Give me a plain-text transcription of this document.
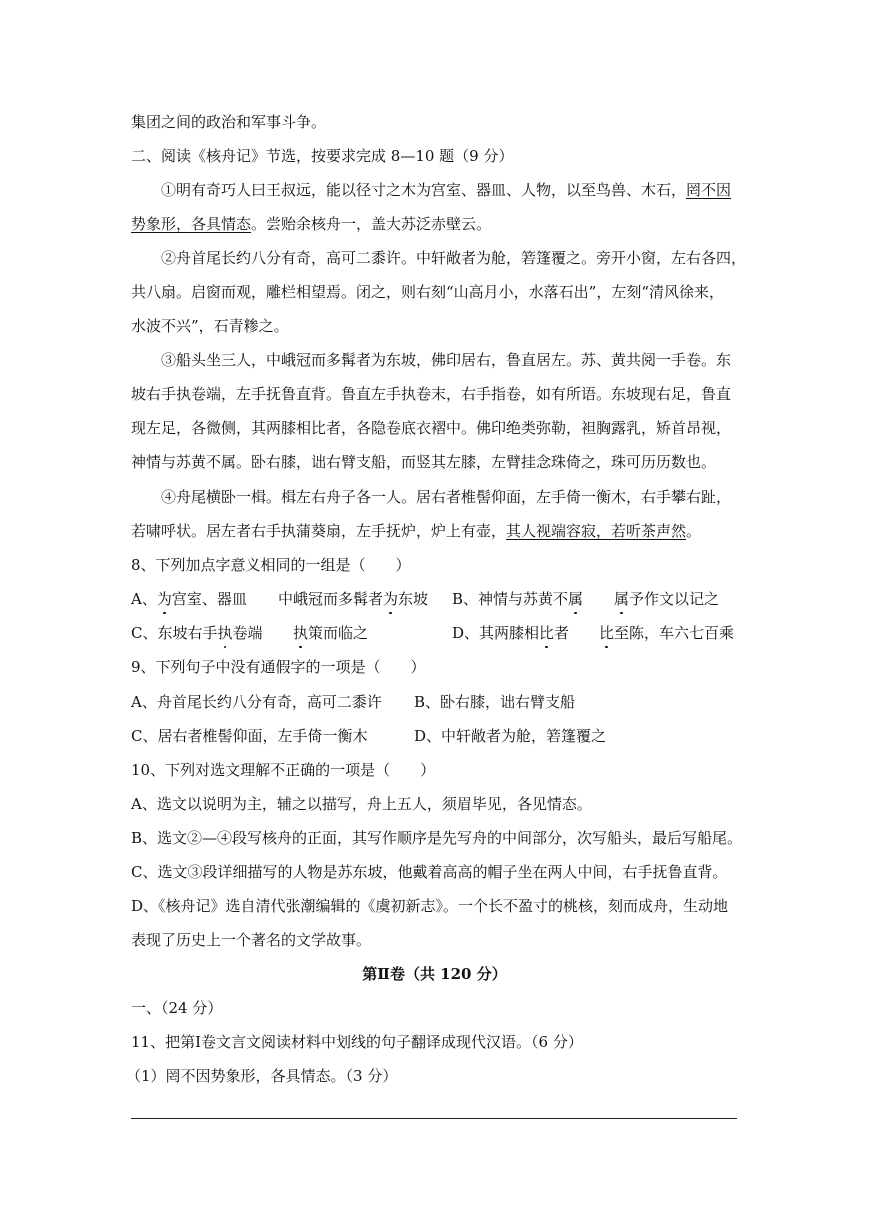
集团之间的政治和军事斗争。
二、阅读《核舟记》节选，按要求完成 8—10 题（9 分）
①明有奇巧人曰王叔远，能以径寸之木为宫室、器皿、人物，以至鸟兽、木石，罔不因
势象形，各具情态。尝贻余核舟一，盖大苏泛赤壁云。
②舟首尾长约八分有奇，高可二黍许。中轩敞者为舱，箬篷覆之。旁开小窗，左右各四，
共八扇。启窗而观，雕栏相望焉。闭之，则右刻“山高月小，水落石出”，左刻“清风徐来，
水波不兴”，石青糁之。
③船头坐三人，中峨冠而多髯者为东坡，佛印居右，鲁直居左。苏、黄共阅一手卷。东
坡右手执卷端，左手抚鲁直背。鲁直左手执卷末，右手指卷，如有所语。东坡现右足，鲁直
现左足，各微侧，其两膝相比者，各隐卷底衣褶中。佛印绝类弥勒，袒胸露乳，矫首昂视，
神情与苏黄不属。卧右膝，诎右臂支船，而竖其左膝，左臂挂念珠倚之，珠可历历数也。
④舟尾横卧一楫。楫左右舟子各一人。居右者椎髻仰面，左手倚一衡木，右手攀右趾，
若啸呼状。居左者右手执蒲葵扇，左手抚炉，炉上有壶，其人视端容寂，若听茶声然。
8、下列加点字意义相同的一组是（　　）
A、为宫室、器皿 中峨冠而多髯者为东坡 B、神情与苏黄不属 属予作文以记之
C、东坡右手执卷端 执策而临之	D、其两膝相比者 比至陈，车六七百乘
9、下列句子中没有通假字的一项是（　　）
A、舟首尾长约八分有奇，高可二黍许 B、卧右膝，诎右臂支船
C、居右者椎髻仰面，左手倚一衡木	D、中轩敞者为舱，箬篷覆之
10、下列对选文理解不正确的一项是（　　）
A、选文以说明为主，辅之以描写，舟上五人，须眉毕见，各见情态。
B、选文②—④段写核舟的正面，其写作顺序是先写舟的中间部分，次写船头，最后写船尾。
C、选文③段详细描写的人物是苏东坡，他戴着高高的帽子坐在两人中间，右手抚鲁直背。
D、《核舟记》选自清代张潮编辑的《虞初新志》。一个长不盈寸的桃核，刻而成舟，生动地
表现了历史上一个著名的文学故事。
第Ⅱ卷（共 120 分）
一、（24 分）
11、把第Ⅰ卷文言文阅读材料中划线的句子翻译成现代汉语。（6 分）
（1）罔不因势象形，各具情态。（3 分）
